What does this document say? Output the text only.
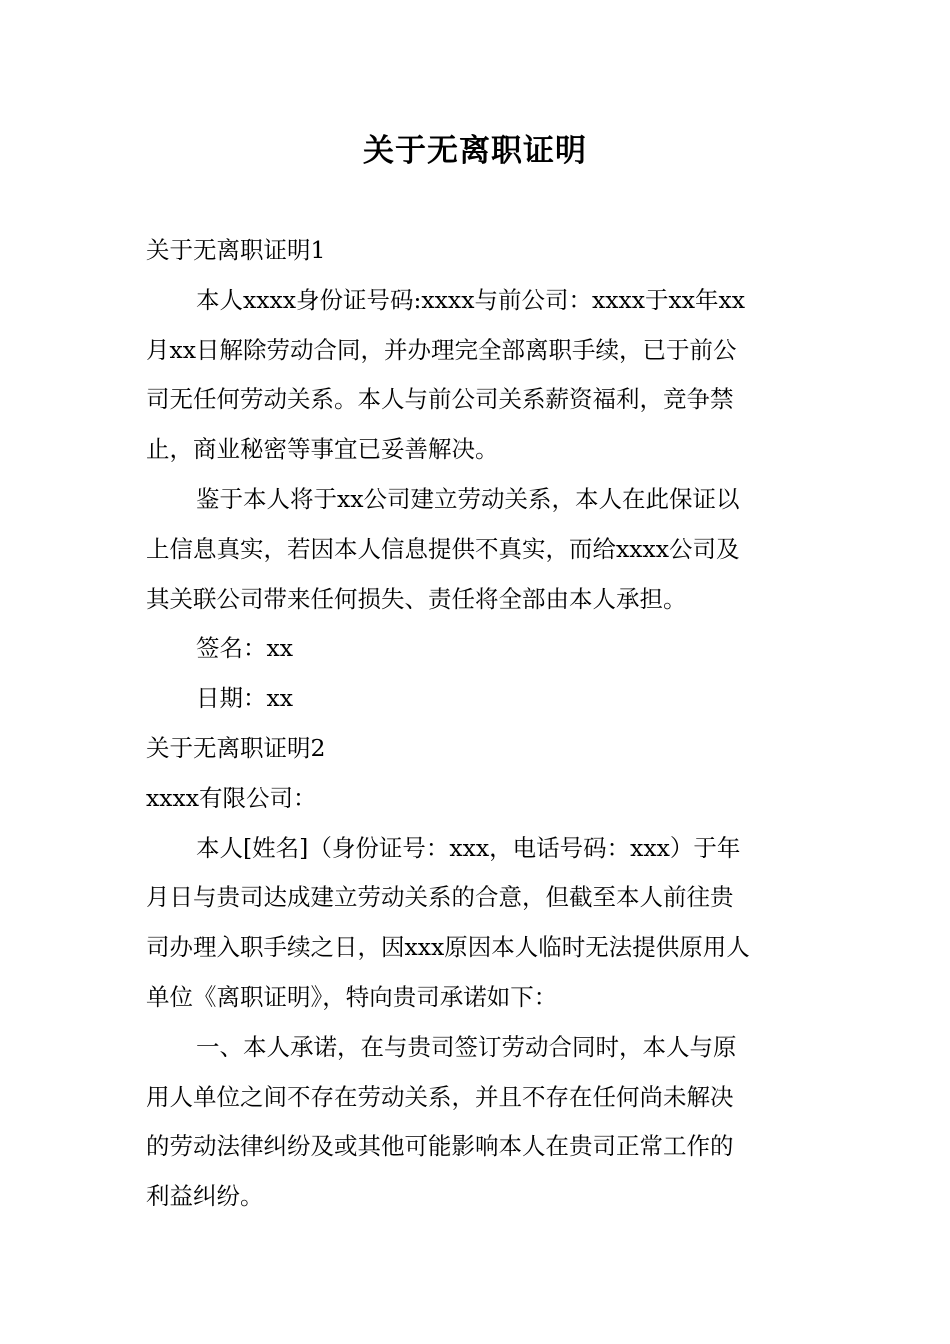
关于无离职证明

关于无离职证明1

本人xxxx身份证号码:xxxx与前公司：xxxx于xx年xx

月xx日解除劳动合同，并办理完全部离职手续，已于前公

司无任何劳动关系。本人与前公司关系薪资福利，竞争禁

止，商业秘密等事宜已妥善解决。

鉴于本人将于xx公司建立劳动关系，本人在此保证以

上信息真实，若因本人信息提供不真实，而给xxxx公司及

其关联公司带来任何损失、责任将全部由本人承担。

签名：xx

日期：xx

关于无离职证明2

xxxx有限公司：

本人[姓名]（身份证号：xxx，电话号码：xxx）于年

月日与贵司达成建立劳动关系的合意，但截至本人前往贵

司办理入职手续之日，因xxx原因本人临时无法提供原用人

单位《离职证明》，特向贵司承诺如下：

一、本人承诺，在与贵司签订劳动合同时，本人与原

用人单位之间不存在劳动关系，并且不存在任何尚未解决

的劳动法律纠纷及或其他可能影响本人在贵司正常工作的

利益纠纷。
